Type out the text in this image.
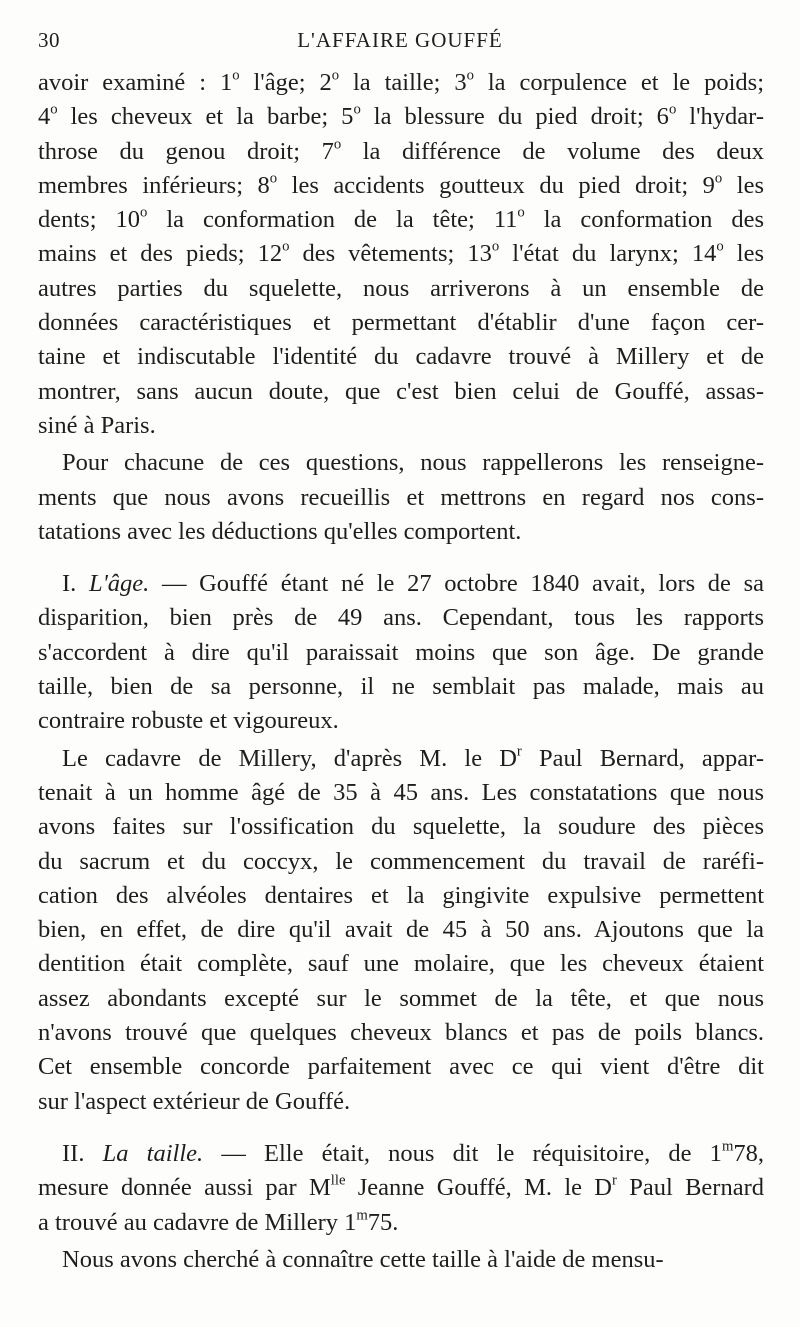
30	L'AFFAIRE GOUFFÉ
avoir examiné : 1$^o$ l'âge; 2$^o$ la taille; 3$^o$ la corpulence et le poids;
4$^o$ les cheveux et la barbe; 5$^o$ la blessure du pied droit; 6$^o$ l'hydar-
throse du genou droit; 7$^o$ la différence de volume des deux
membres inférieurs; 8$^o$ les accidents goutteux du pied droit; 9$^o$ les
dents; 10$^o$ la conformation de la tête; 11$^o$ la conformation des
mains et des pieds; 12$^o$ des vêtements; 13$^o$ l'état du larynx; 14$^o$ les
autres parties du squelette, nous arriverons à un ensemble de
données caractéristiques et permettant d'établir d'une façon cer-
taine et indiscutable l'identité du cadavre trouvé à Millery et de
montrer, sans aucun doute, que c'est bien celui de Gouffé, assas-
siné à Paris.
Pour chacune de ces questions, nous rappellerons les renseigne-
ments que nous avons recueillis et mettrons en regard nos cons-
tatations avec les déductions qu'elles comportent.
I. L'âge. — Gouffé étant né le 27 octobre 1840 avait, lors de sa
disparition, bien près de 49 ans. Cependant, tous les rapports
s'accordent à dire qu'il paraissait moins que son âge. De grande
taille, bien de sa personne, il ne semblait pas malade, mais au
contraire robuste et vigoureux.
Le cadavre de Millery, d'après M. le $D^r$ Paul Bernard, appar-
tenait à un homme âgé de 35 à 45 ans. Les constatations que nous
avons faites sur l'ossification du squelette, la soudure des pièces
du sacrum et du coccyx, le commencement du travail de raréfi-
cation des alvéoles dentaires et la gingivite expulsive permettent
bien, en effet, de dire qu'il avait de 45 à 50 ans. Ajoutons que la
dentition était complète, sauf une molaire, que les cheveux étaient
assez abondants excepté sur le sommet de la tête, et que nous
n'avons trouvé que quelques cheveux blancs et pas de poils blancs.
Cet ensemble concorde parfaitement avec ce qui vient d'être dit
sur l'aspect extérieur de Gouffé.
II. La taille. — Elle était, nous dit le réquisitoire, de 1$^m$78,
mesure donnée aussi par $M^{lle}$ Jeanne Gouffé, M. le $D^r$ Paul Bernard
a trouvé au cadavre de Millery 1$^m$75.
Nous avons cherché à connaître cette taille à l'aide de mensu-
